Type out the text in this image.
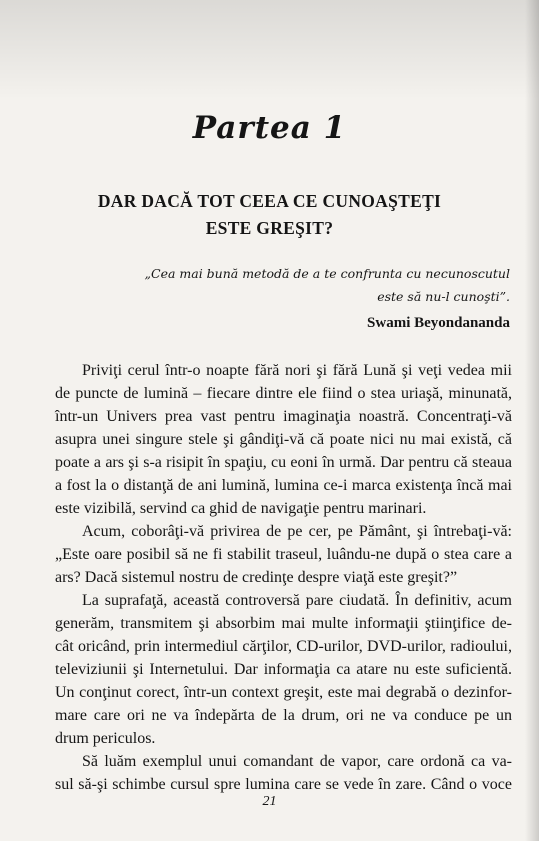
Partea 1
DAR DACĂ TOT CEEA CE CUNOAŞTEŢI
ESTE GREŞIT?
„Cea mai bună metodă de a te confrunta cu necunoscutul
este să nu-l cunoşti”.

Swami Beyondananda

Priviţi cerul într-o noapte fără nori şi fără Lună şi veţi vedea mii
de puncte de lumină – fiecare dintre ele fiind o stea uriaşă, minunată,
într-un Univers prea vast pentru imaginaţia noastră. Concentraţi-vă
asupra unei singure stele şi gândiţi-vă că poate nici nu mai există, că
poate a ars şi s-a risipit în spaţiu, cu eoni în urmă. Dar pentru că steaua
a fost la o distanţă de ani lumină, lumina ce-i marca existenţa încă mai
este vizibilă, servind ca ghid de navigaţie pentru marinari.

Acum, coborâţi-vă privirea de pe cer, pe Pământ, şi întrebaţi-vă:
„Este oare posibil să ne fi stabilit traseul, luându-ne după o stea care a
ars? Dacă sistemul nostru de credinţe despre viaţă este greşit?”

La suprafaţă, această controversă pare ciudată. În definitiv, acum
generăm, transmitem şi absorbim mai multe informaţii ştiinţifice de-
cât oricând, prin intermediul cărţilor, CD-urilor, DVD-urilor, radioului,
televiziunii şi Internetului. Dar informaţia ca atare nu este suficientă.
Un conţinut corect, într-un context greşit, este mai degrabă o dezinfor-
mare care ori ne va îndepărta de la drum, ori ne va conduce pe un
drum periculos.

Să luăm exemplul unui comandant de vapor, care ordonă ca va-
sul să-şi schimbe cursul spre lumina care se vede în zare. Când o voce

21
